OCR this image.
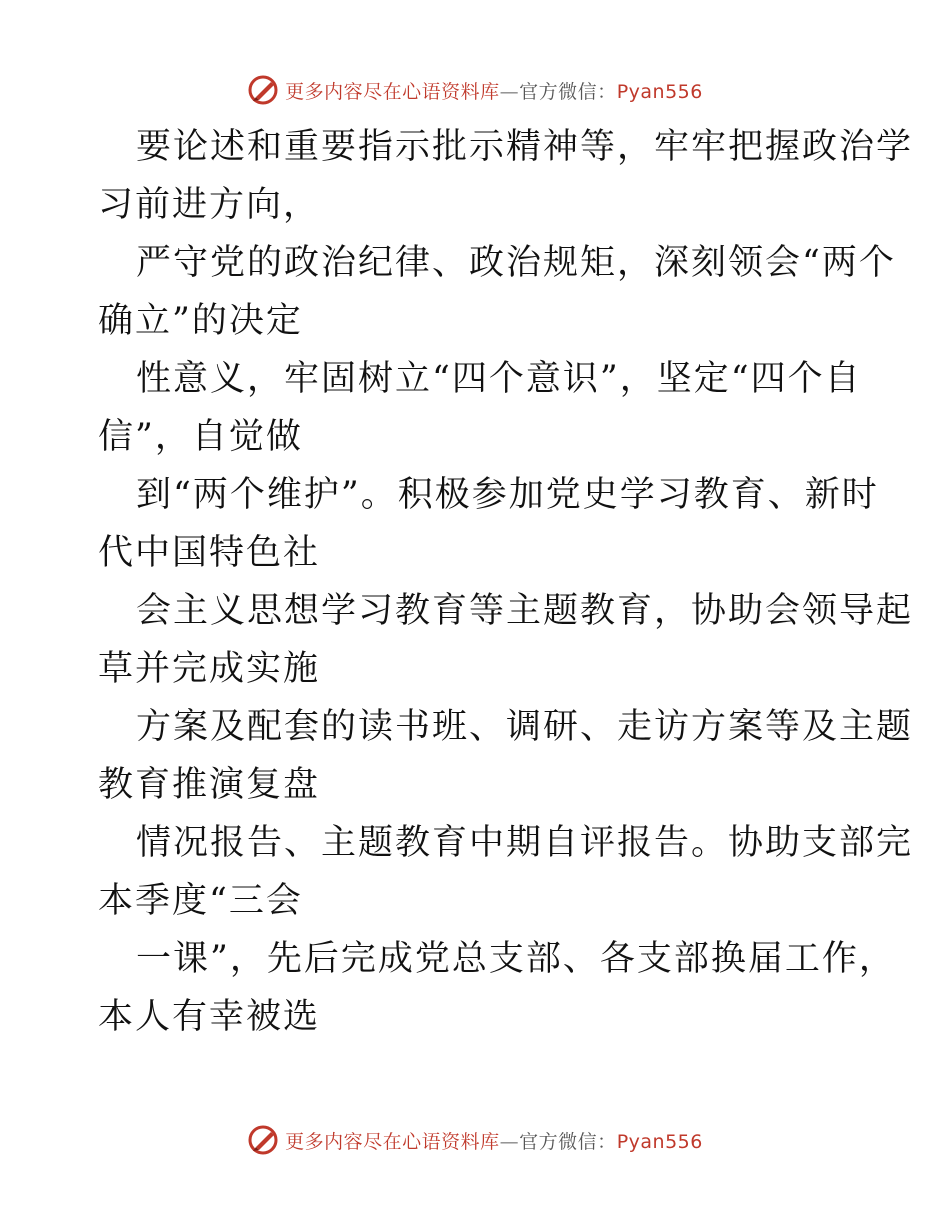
更多内容尽在心语资料库—官方微信：Pyan556

要论述和重要指示批示精神等，牢牢把握政治学
习前进方向，

严守党的政治纪律、政治规矩，深刻领会“两个
确立”的决定

性意义，牢固树立“四个意识”，坚定“四个自
信”，自觉做

到“两个维护”。积极参加党史学习教育、新时
代中国特色社

会主义思想学习教育等主题教育，协助会领导起
草并完成实施

方案及配套的读书班、调研、走访方案等及主题
教育推演复盘

情况报告、主题教育中期自评报告。协助支部完
本季度“三会

一课”，先后完成党总支部、各支部换届工作，
本人有幸被选

更多内容尽在心语资料库—官方微信：Pyan556
